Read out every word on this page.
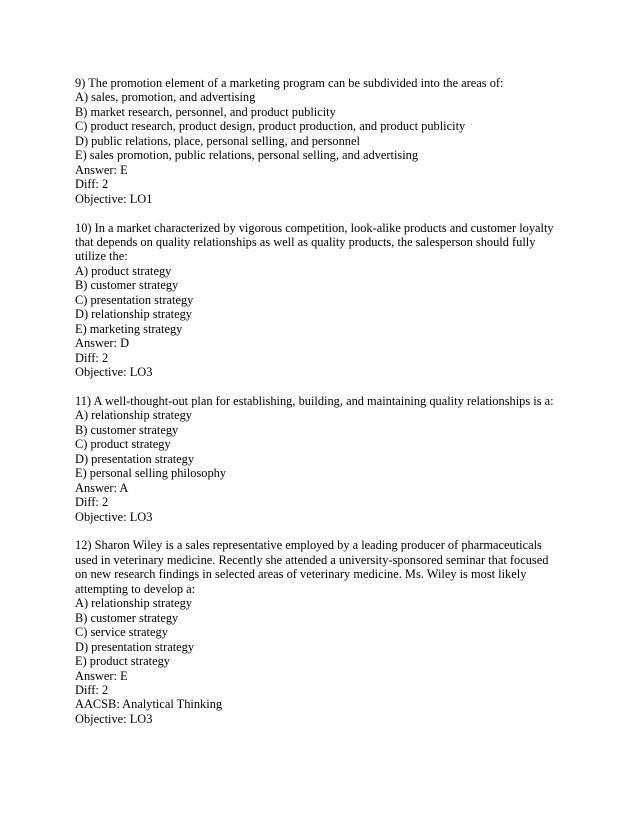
9) The promotion element of a marketing program can be subdivided into the areas of:
A) sales, promotion, and advertising
B) market research, personnel, and product publicity
C) product research, product design, product production, and product publicity
D) public relations, place, personal selling, and personnel
E) sales promotion, public relations, personal selling, and advertising
Answer: E
Diff: 2
Objective: LO1
10) In a market characterized by vigorous competition, look-alike products and customer loyalty
that depends on quality relationships as well as quality products, the salesperson should fully
utilize the:
A) product strategy
B) customer strategy
C) presentation strategy
D) relationship strategy
E) marketing strategy
Answer: D
Diff: 2
Objective: LO3
11) A well-thought-out plan for establishing, building, and maintaining quality relationships is a:
A) relationship strategy
B) customer strategy
C) product strategy
D) presentation strategy
E) personal selling philosophy
Answer: A
Diff: 2
Objective: LO3
12) Sharon Wiley is a sales representative employed by a leading producer of pharmaceuticals
used in veterinary medicine. Recently she attended a university-sponsored seminar that focused
on new research findings in selected areas of veterinary medicine. Ms. Wiley is most likely
attempting to develop a:
A) relationship strategy
B) customer strategy
C) service strategy
D) presentation strategy
E) product strategy
Answer: E
Diff: 2
AACSB: Analytical Thinking
Objective: LO3
